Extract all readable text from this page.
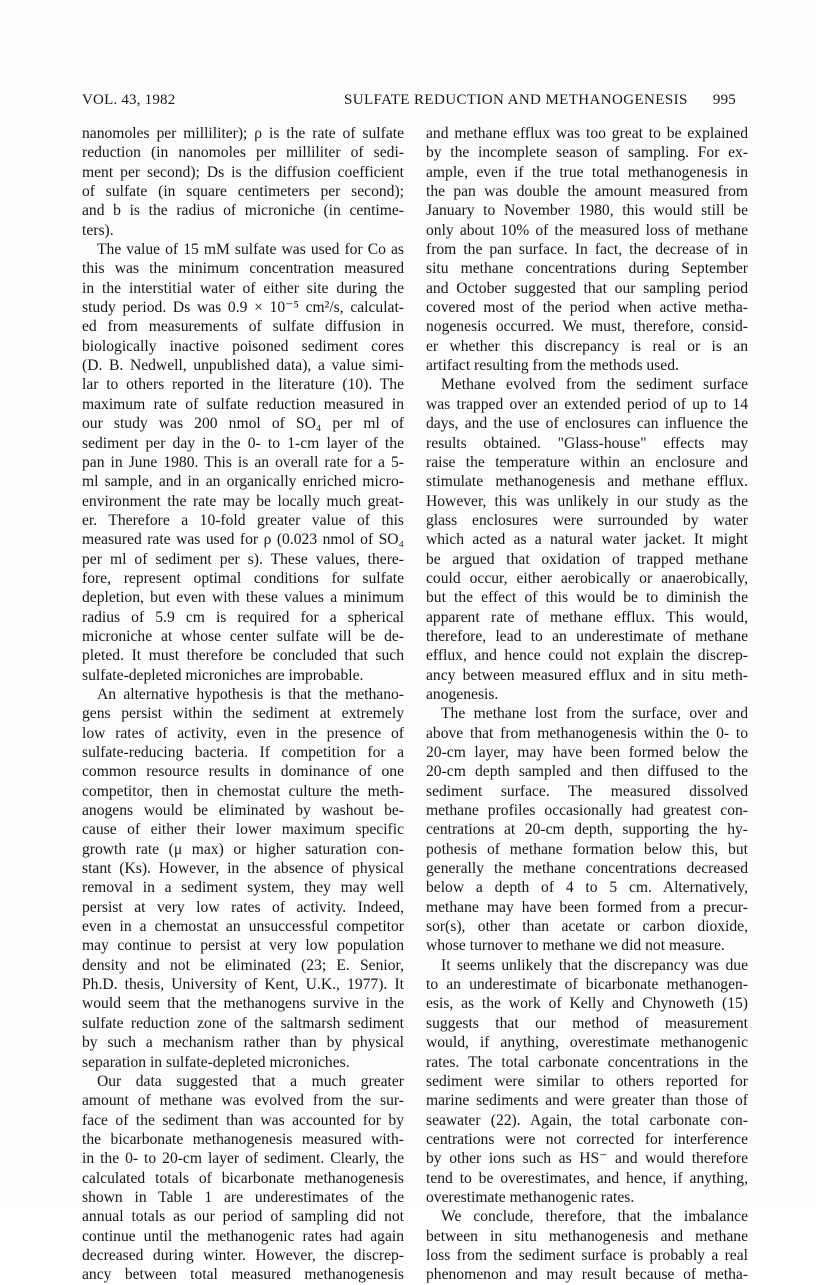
VOL. 43, 1982	SULFATE REDUCTION AND METHANOGENESIS 995
nanomoles per milliliter); ρ is the rate of sulfate
reduction (in nanomoles per milliliter of sedi-
ment per second); Ds is the diffusion coefficient
of sulfate (in square centimeters per second);
and b is the radius of microniche (in centime-
ters).
The value of 15 mM sulfate was used for Co as
this was the minimum concentration measured
in the interstitial water of either site during the
study period. Ds was 0.9 × 10⁻⁵ cm²/s, calculat-
ed from measurements of sulfate diffusion in
biologically inactive poisoned sediment cores
(D. B. Nedwell, unpublished data), a value simi-
lar to others reported in the literature (10). The
maximum rate of sulfate reduction measured in
our study was 200 nmol of SO₄ per ml of
sediment per day in the 0- to 1-cm layer of the
pan in June 1980. This is an overall rate for a 5-
ml sample, and in an organically enriched micro-
environment the rate may be locally much great-
er. Therefore a 10-fold greater value of this
measured rate was used for ρ (0.023 nmol of SO₄
per ml of sediment per s). These values, there-
fore, represent optimal conditions for sulfate
depletion, but even with these values a minimum
radius of 5.9 cm is required for a spherical
microniche at whose center sulfate will be de-
pleted. It must therefore be concluded that such
sulfate-depleted microniches are improbable.
An alternative hypothesis is that the methano-
gens persist within the sediment at extremely
low rates of activity, even in the presence of
sulfate-reducing bacteria. If competition for a
common resource results in dominance of one
competitor, then in chemostat culture the meth-
anogens would be eliminated by washout be-
cause of either their lower maximum specific
growth rate (μ max) or higher saturation con-
stant (Ks). However, in the absence of physical
removal in a sediment system, they may well
persist at very low rates of activity. Indeed,
even in a chemostat an unsuccessful competitor
may continue to persist at very low population
density and not be eliminated (23; E. Senior,
Ph.D. thesis, University of Kent, U.K., 1977). It
would seem that the methanogens survive in the
sulfate reduction zone of the saltmarsh sediment
by such a mechanism rather than by physical
separation in sulfate-depleted microniches.
Our data suggested that a much greater
amount of methane was evolved from the sur-
face of the sediment than was accounted for by
the bicarbonate methanogenesis measured with-
in the 0- to 20-cm layer of sediment. Clearly, the
calculated totals of bicarbonate methanogenesis
shown in Table 1 are underestimates of the
annual totals as our period of sampling did not
continue until the methanogenic rates had again
decreased during winter. However, the discrep-
ancy between total measured methanogenesis
and methane efflux was too great to be explained
by the incomplete season of sampling. For ex-
ample, even if the true total methanogenesis in
the pan was double the amount measured from
January to November 1980, this would still be
only about 10% of the measured loss of methane
from the pan surface. In fact, the decrease of in
situ methane concentrations during September
and October suggested that our sampling period
covered most of the period when active metha-
nogenesis occurred. We must, therefore, consid-
er whether this discrepancy is real or is an
artifact resulting from the methods used.
Methane evolved from the sediment surface
was trapped over an extended period of up to 14
days, and the use of enclosures can influence the
results obtained. "Glass-house" effects may
raise the temperature within an enclosure and
stimulate methanogenesis and methane efflux.
However, this was unlikely in our study as the
glass enclosures were surrounded by water
which acted as a natural water jacket. It might
be argued that oxidation of trapped methane
could occur, either aerobically or anaerobically,
but the effect of this would be to diminish the
apparent rate of methane efflux. This would,
therefore, lead to an underestimate of methane
efflux, and hence could not explain the discrep-
ancy between measured efflux and in situ meth-
anogenesis.
The methane lost from the surface, over and
above that from methanogenesis within the 0- to
20-cm layer, may have been formed below the
20-cm depth sampled and then diffused to the
sediment surface. The measured dissolved
methane profiles occasionally had greatest con-
centrations at 20-cm depth, supporting the hy-
pothesis of methane formation below this, but
generally the methane concentrations decreased
below a depth of 4 to 5 cm. Alternatively,
methane may have been formed from a precur-
sor(s), other than acetate or carbon dioxide,
whose turnover to methane we did not measure.
It seems unlikely that the discrepancy was due
to an underestimate of bicarbonate methanogen-
esis, as the work of Kelly and Chynoweth (15)
suggests that our method of measurement
would, if anything, overestimate methanogenic
rates. The total carbonate concentrations in the
sediment were similar to others reported for
marine sediments and were greater than those of
seawater (22). Again, the total carbonate con-
centrations were not corrected for interference
by other ions such as HS⁻ and would therefore
tend to be overestimates, and hence, if anything,
overestimate methanogenic rates.
We conclude, therefore, that the imbalance
between in situ methanogenesis and methane
loss from the sediment surface is probably a real
phenomenon and may result because of metha-
